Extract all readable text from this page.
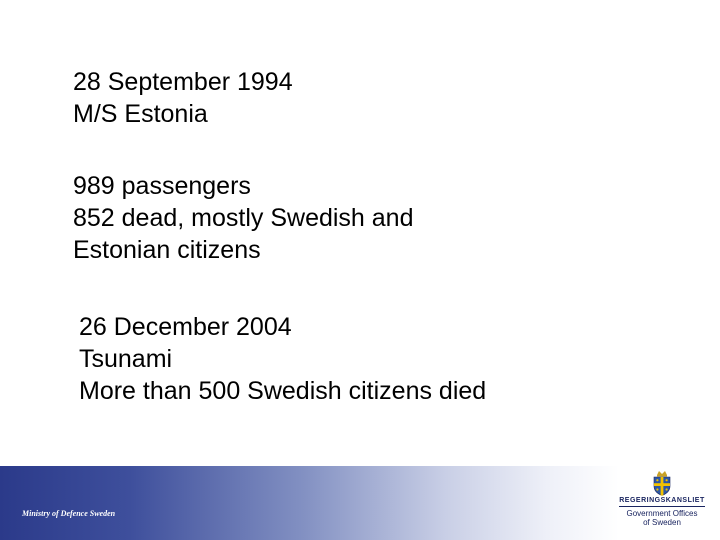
28 September 1994
M/S Estonia
989 passengers
852 dead, mostly Swedish and
Estonian citizens
26 December 2004
Tsunami
More than 500 Swedish citizens died
Ministry of Defence Sweden
REGERINGSKANSLIET
Government Offices
of Sweden
